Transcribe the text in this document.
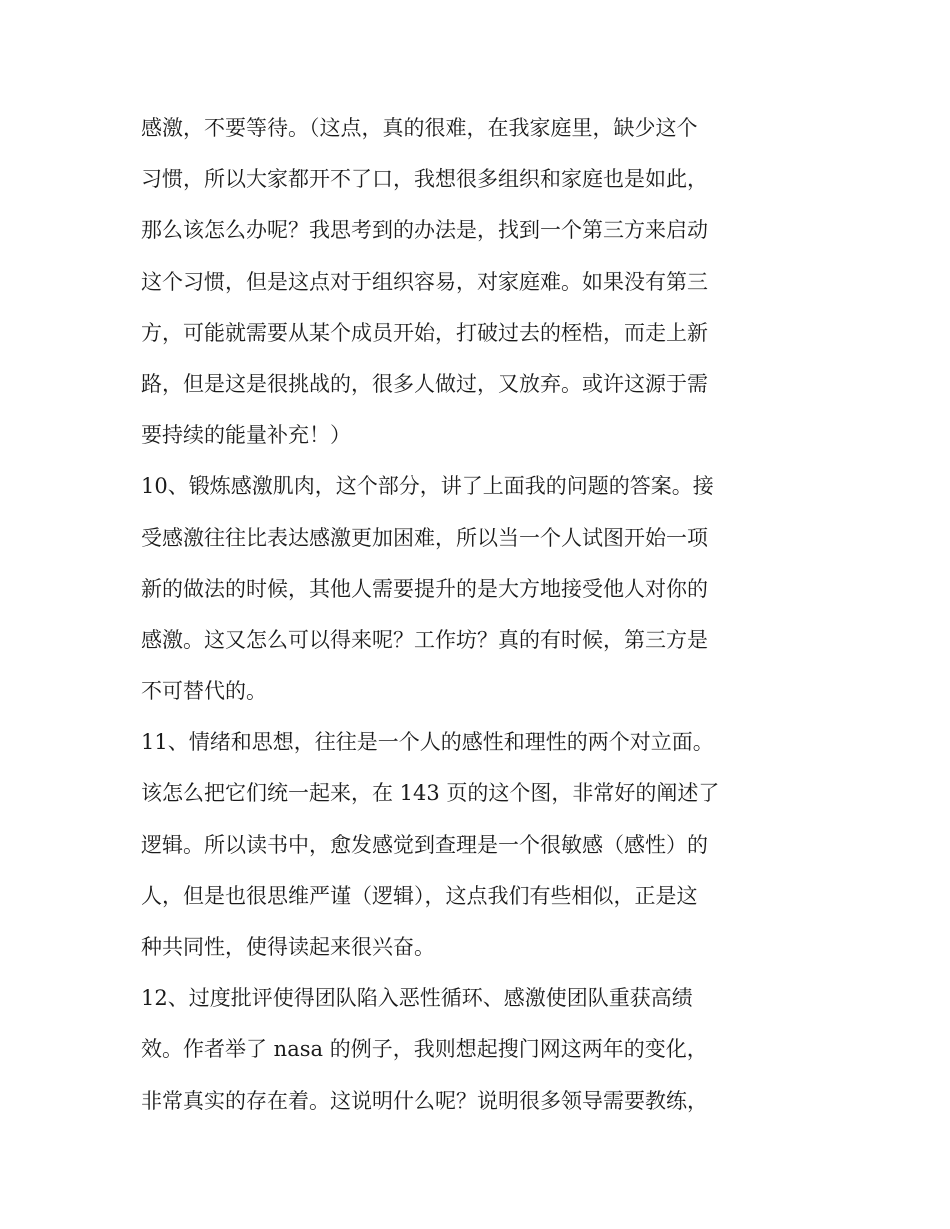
感激，不要等待。（这点，真的很难，在我家庭里，缺少这个
习惯，所以大家都开不了口，我想很多组织和家庭也是如此，
那么该怎么办呢？我思考到的办法是，找到一个第三方来启动
这个习惯，但是这点对于组织容易，对家庭难。如果没有第三
方，可能就需要从某个成员开始，打破过去的桎梏，而走上新
路，但是这是很挑战的，很多人做过，又放弃。或许这源于需
要持续的能量补充！）
10、锻炼感激肌肉，这个部分，讲了上面我的问题的答案。接
受感激往往比表达感激更加困难，所以当一个人试图开始一项
新的做法的时候，其他人需要提升的是大方地接受他人对你的
感激。这又怎么可以得来呢？工作坊？真的有时候，第三方是
不可替代的。
11、情绪和思想，往往是一个人的感性和理性的两个对立面。
该怎么把它们统一起来，在 143 页的这个图，非常好的阐述了
逻辑。所以读书中，愈发感觉到查理是一个很敏感（感性）的
人，但是也很思维严谨（逻辑），这点我们有些相似，正是这
种共同性，使得读起来很兴奋。
12、过度批评使得团队陷入恶性循环、感激使团队重获高绩
效。作者举了 nasa 的例子，我则想起搜门网这两年的变化，
非常真实的存在着。这说明什么呢？说明很多领导需要教练，
